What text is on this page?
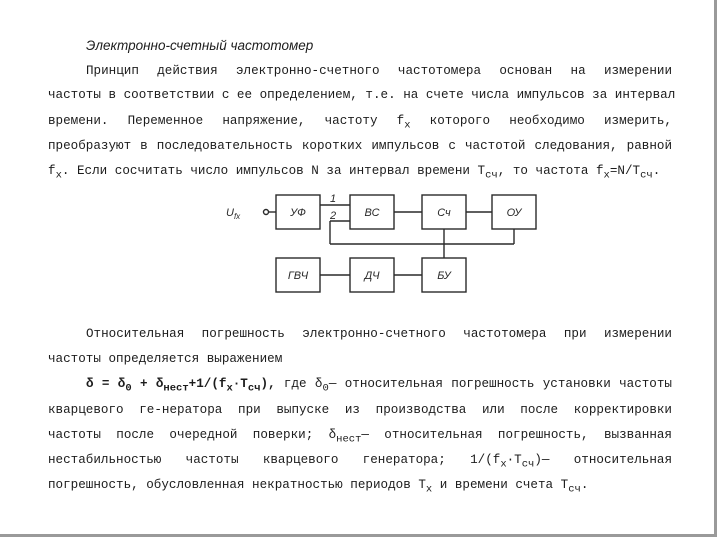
Электронно-счетный частотомер
Принцип действия электронно-счетного частотомера основан на измерении
частоты в соответствии с ее определением, т.е. на счете числа импульсов за интервал
времени. Переменное напряжение, частоту $f_x$ которого необходимо измерить,
преобразуют в последовательность коротких импульсов с частотой следования, равной
$f_x$. Если сосчитать число импульсов N за интервал времени $T_{сч}$, то частота $f_x=N/T_{сч}$.
$U_{fx}$	УФ	ВС	Сч	ОУ
1
2
ГВЧ	ДЧ	БУ
Относительная погрешность электронно-счетного частотомера при измерении
частоты определяется выражением
$\delta = \delta_0 + \delta_{нест}+1/(f_x\cdot T_{сч})$, где $\delta_0—$ относительная погрешность установки частоты
кварцевого ге-нератора при выпуске из производства или после корректировки
частоты после очередной поверки; $\delta_{нест}—$ относительная погрешность, вызванная
нестабильностью частоты кварцевого генератора; $1/(f_x\cdot T_{сч})—$ относительная
погрешность, обусловленная некратностью периодов $T_x$ и времени счета $T_{сч}$.
